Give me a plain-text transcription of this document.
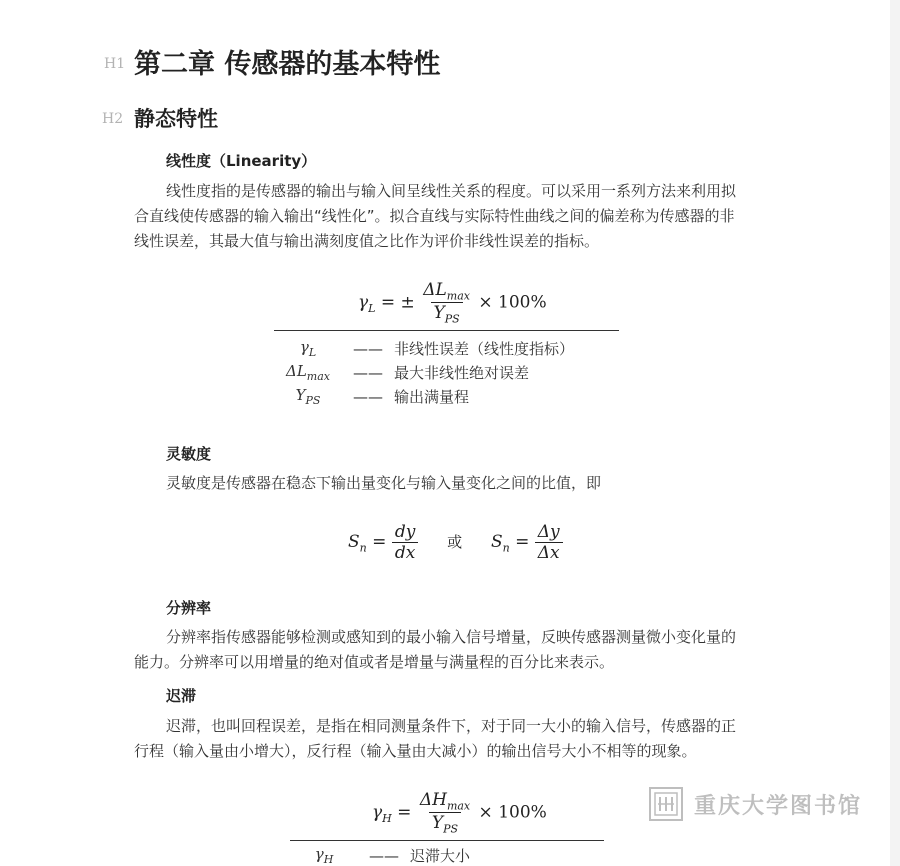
H1 第二章 传感器的基本特性
H2 静态特性
线性度（Linearity）
线性度指的是传感器的输出与输入间呈线性关系的程度。可以采用一系列方法来利用拟
合直线使传感器的输入输出“线性化”。拟合直线与实际特性曲线之间的偏差称为传感器的非
线性误差，其最大值与输出满刻度值之比作为评价非线性误差的指标。
$\gamma_L$ = ± $\frac{\Delta L_{max}}{Y_{PS}} \times 100\%$
$\gamma_L$	—— 非线性误差（线性度指标）
$\Delta L_{max}$	—— 最大非线性绝对误差
$Y_{PS}$	—— 输出满量程
灵敏度
灵敏度是传感器在稳态下输出量变化与输入量变化之间的比值，即
$S_n = \frac{dy}{dx}$ 或 $S_n = \frac{\Delta y}{\Delta x}$
分辨率
分辨率指传感器能够检测或感知到的最小输入信号增量，反映传感器测量微小变化量的
能力。分辨率可以用增量的绝对值或者是增量与满量程的百分比来表示。
迟滞
迟滞，也叫回程误差，是指在相同测量条件下，对于同一大小的输入信号，传感器的正
行程（输入量由小增大），反行程（输入量由大减小）的输出信号大小不相等的现象。
$\gamma_H = \frac{\Delta H_{max}}{Y_{PS}} \times 100\%$
$\gamma_H$	—— 迟滞大小
重庆大学图书馆
